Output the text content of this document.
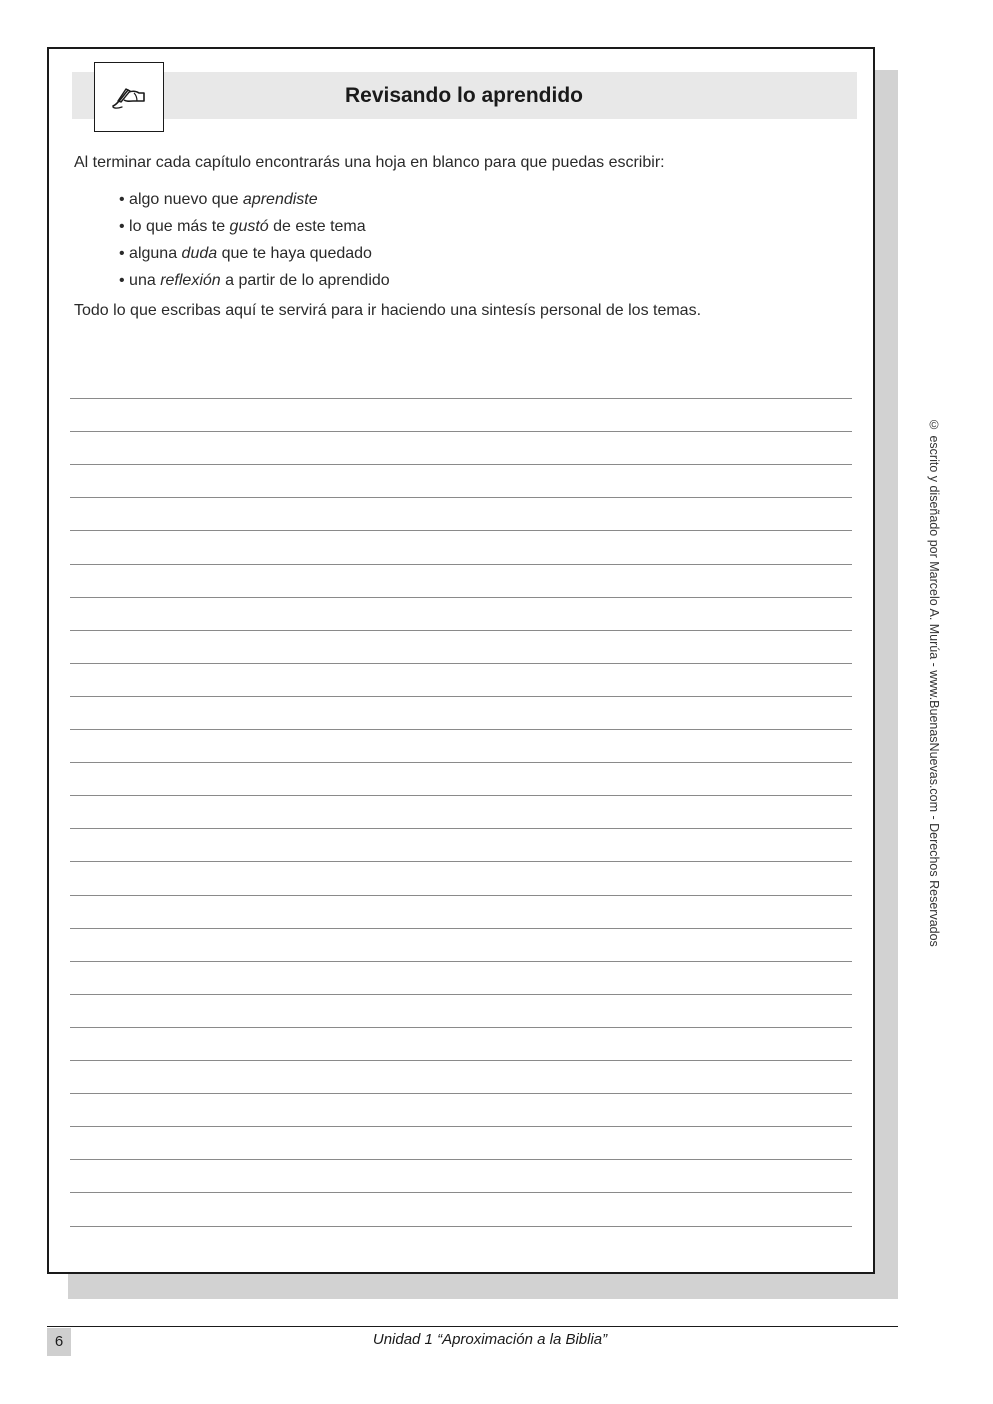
Revisando lo aprendido
Al terminar cada capítulo encontrarás una hoja en blanco para que puedas escribir:
• algo nuevo que aprendiste
• lo que más te gustó de este tema
• alguna duda que te haya quedado
• una reflexión a partir de lo aprendido
Todo lo que escribas aquí te servirá para ir haciendo una sintesís personal de los temas.
© escrito y diseñado por Marcelo A. Murúa - www.BuenasNuevas.com - Derechos Reservados
6	Unidad 1 “Aproximación a la Biblia”
